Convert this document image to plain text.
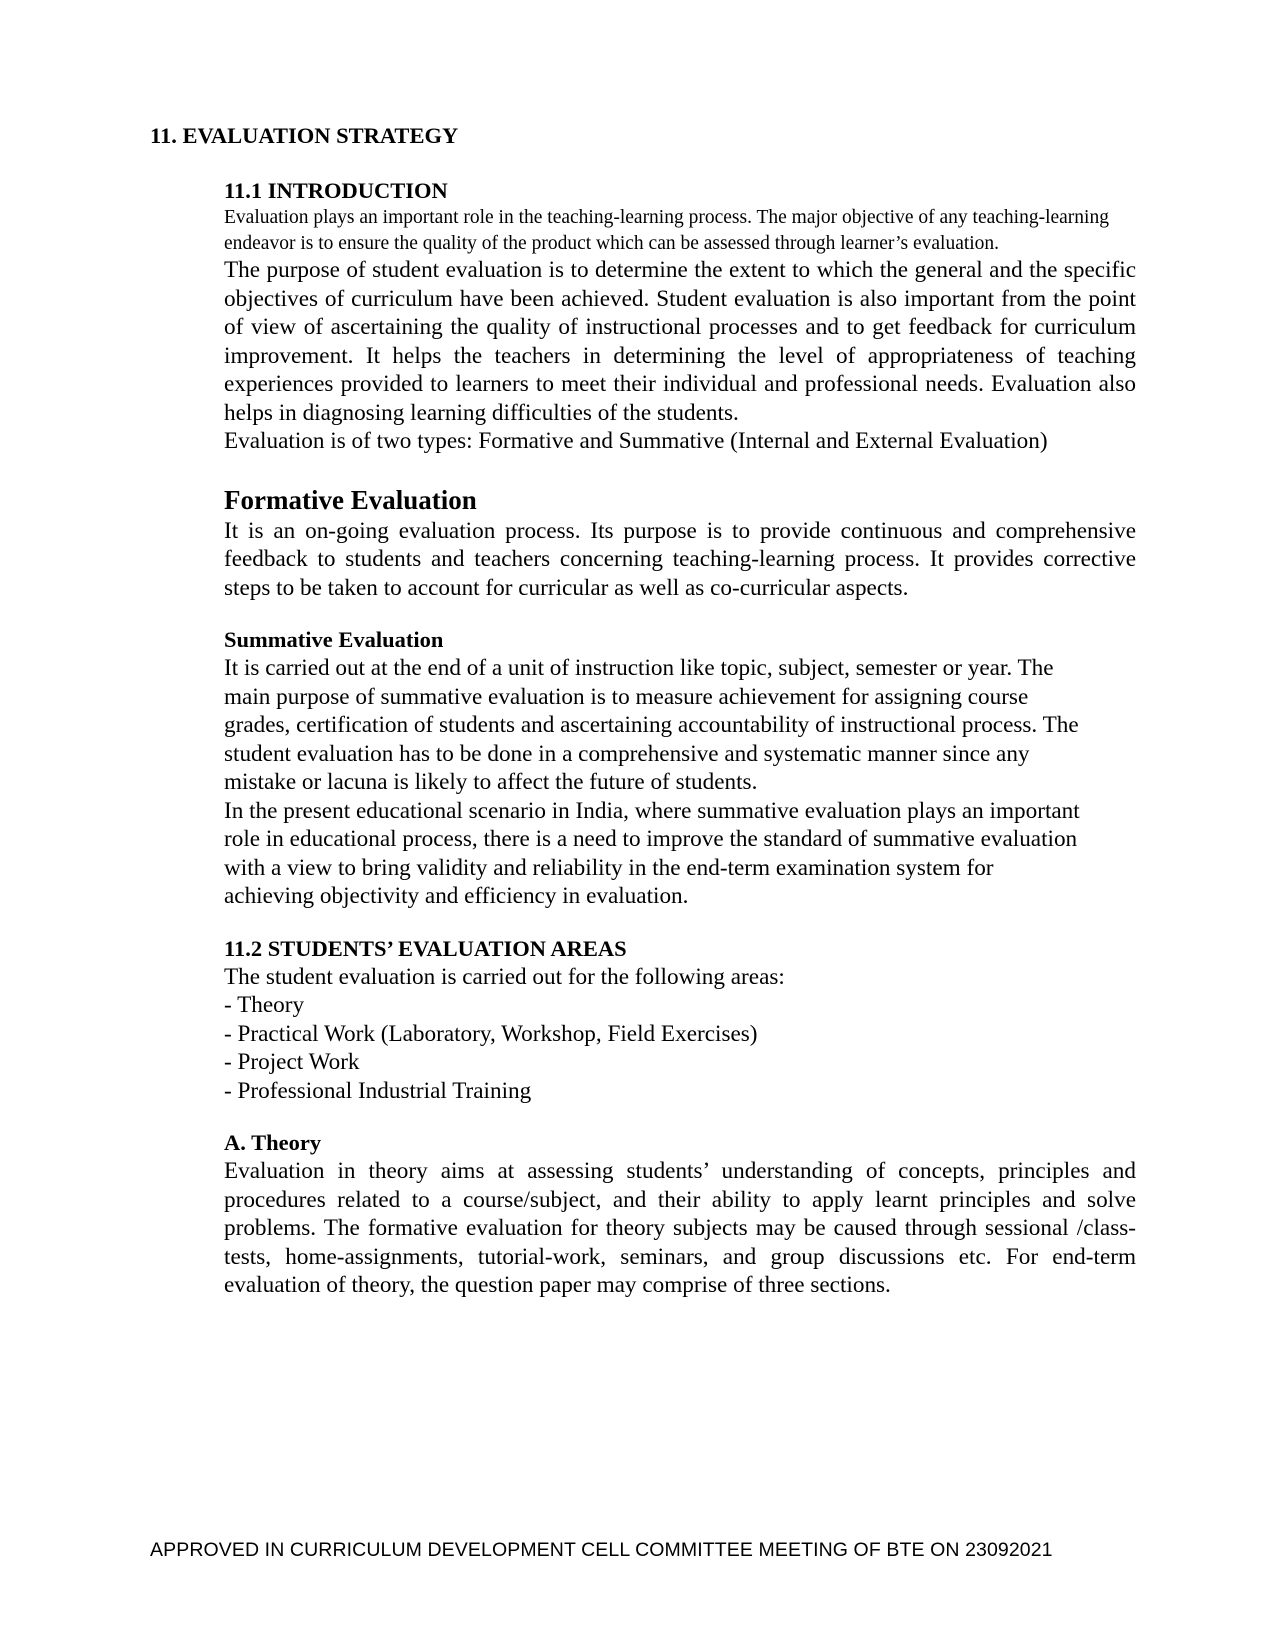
11. EVALUATION STRATEGY
11.1 INTRODUCTION

Evaluation plays an important role in the teaching-learning process. The major objective of any teaching-learning endeavor is to ensure the quality of the product which can be assessed through learner’s evaluation.

The purpose of student evaluation is to determine the extent to which the general and the specific objectives of curriculum have been achieved. Student evaluation is also important from the point of view of ascertaining the quality of instructional processes and to get feedback for curriculum improvement. It helps the teachers in determining the level of appropriateness of teaching experiences provided to learners to meet their individual and professional needs. Evaluation also helps in diagnosing learning difficulties of the students.

Evaluation is of two types: Formative and Summative (Internal and External Evaluation)

Formative Evaluation

It is an on-going evaluation process. Its purpose is to provide continuous and comprehensive feedback to students and teachers concerning teaching-learning process. It provides corrective steps to be taken to account for curricular as well as co-curricular aspects.

Summative Evaluation

It is carried out at the end of a unit of instruction like topic, subject, semester or year. The main purpose of summative evaluation is to measure achievement for assigning course grades, certification of students and ascertaining accountability of instructional process. The student evaluation has to be done in a comprehensive and systematic manner since any mistake or lacuna is likely to affect the future of students.

In the present educational scenario in India, where summative evaluation plays an important role in educational process, there is a need to improve the standard of summative evaluation with a view to bring validity and reliability in the end-term examination system for achieving objectivity and efficiency in evaluation.

11.2 STUDENTS’ EVALUATION AREAS

The student evaluation is carried out for the following areas:

- Theory
- Practical Work (Laboratory, Workshop, Field Exercises)
- Project Work
- Professional Industrial Training
A. Theory

Evaluation in theory aims at assessing students’ understanding of concepts, principles and procedures related to a course/subject, and their ability to apply learnt principles and solve problems. The formative evaluation for theory subjects may be caused through sessional /class-tests, home-assignments, tutorial-work, seminars, and group discussions etc. For end-term evaluation of theory, the question paper may comprise of three sections.

APPROVED IN CURRICULUM DEVELOPMENT CELL COMMITTEE MEETING OF BTE ON 23092021
